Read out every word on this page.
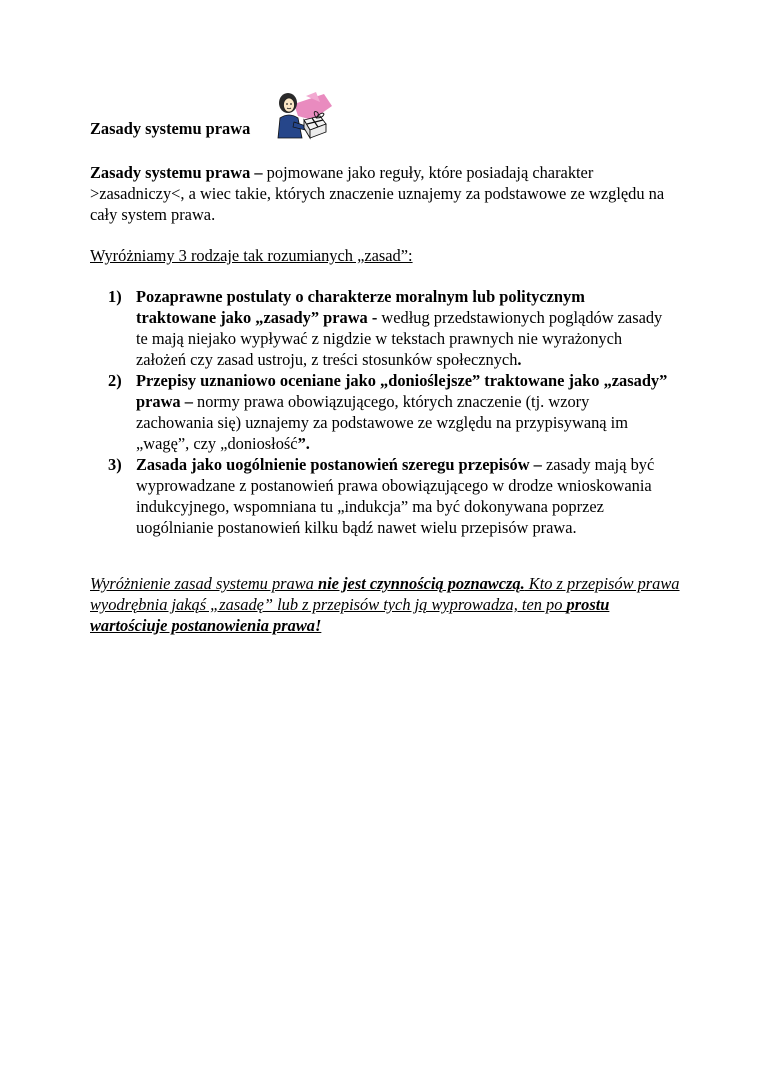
Zasady systemu prawa
Zasady systemu prawa – pojmowane jako reguły, które posiadają charakter >zasadniczy<, a wiec takie, których znaczenie uznajemy za podstawowe ze względu na cały system prawa.
Wyróżniamy 3 rodzaje tak rozumianych „zasad”:
1) Pozaprawne postulaty o charakterze moralnym lub politycznym traktowane jako „zasady” prawa - według przedstawionych poglądów zasady te mają niejako wypływać z nigdzie w tekstach prawnych nie wyrażonych założeń czy zasad ustroju, z treści stosunków społecznych.
2) Przepisy uznaniowo oceniane jako „donioślejsze” traktowane jako „zasady” prawa – normy prawa obowiązującego, których znaczenie (tj. wzory zachowania się) uznajemy za podstawowe ze względu na przypisywaną im „wagę”, czy „doniosłość”.
3) Zasada jako uogólnienie postanowień szeregu przepisów – zasady mają być wyprowadzane z postanowień prawa obowiązującego w drodze wnioskowania indukcyjnego, wspomniana tu „indukcja” ma być dokonywana poprzez uogólnianie postanowień kilku bądź nawet wielu przepisów prawa.
Wyróżnienie zasad systemu prawa nie jest czynnością poznawczą. Kto z przepisów prawa wyodrębnia jakąś „zasadę” lub z przepisów tych ją wyprowadza, ten po prostu wartościuje postanowienia prawa!
